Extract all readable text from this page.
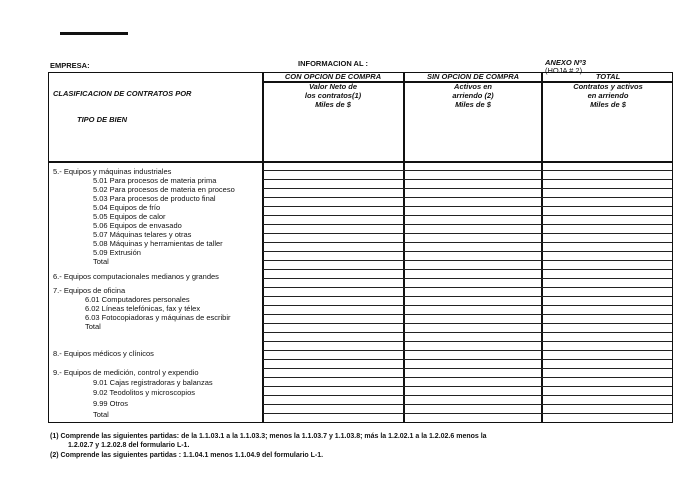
EMPRESA:	INFORMACION AL :	ANEXO Nº3
(HOJA # 2)
CLASIFICACION DE CONTRATOS POR
TIPO DE BIEN
CON OPCION DE COMPRA
Valor Neto de
los contratos(1)
Miles de $
SIN OPCION DE COMPRA
Activos en
arriendo (2)
Miles de $
TOTAL
Contratos y activos
en arriendo
Miles de $
5.- Equipos y máquinas industriales
5.01 Para procesos de materia prima
5.02 Para procesos de materia en proceso
5.03 Para procesos de producto final
5.04 Equipos de frío
5.05 Equipos de calor
5.06 Equipos de envasado
5.07 Máquinas telares y otras
5.08 Máquinas y herramientas de taller
5.09 Extrusión
Total
6.- Equipos computacionales medianos y grandes
7.- Equipos de oficina
6.01 Computadores personales
6.02 Líneas telefónicas, fax y télex
6.03 Fotocopiadoras y máquinas de escribir
Total
8.- Equipos médicos y clínicos
9.- Equipos de medición, control y expendio
9.01 Cajas registradoras y balanzas
9.02 Teodolitos y microscopios
9.99 Otros
Total
(1) Comprende las siguientes partidas: de la 1.1.03.1 a la 1.1.03.3; menos la 1.1.03.7 y 1.1.03.8; más la 1.2.02.1 a la 1.2.02.6 menos la
1.2.02.7 y 1.2.02.8 del formulario L-1.
(2) Comprende las siguientes partidas : 1.1.04.1 menos 1.1.04.9 del formulario L-1.
